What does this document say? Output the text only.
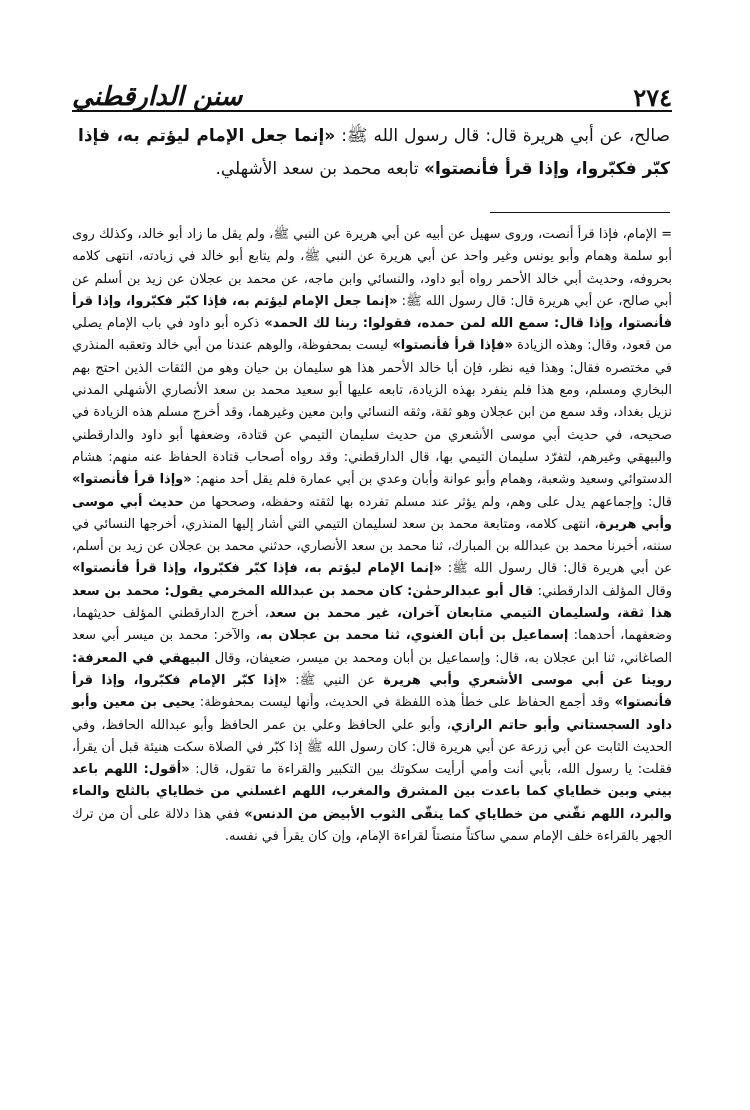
سنن الدارقطني	٢٧٤
صالح، عن أبي هريرة قال: قال رسول الله ﷺ: «إنما جعل الإمام ليؤتم به، فإذا كبّر فكبّروا، وإذا قرأ فأنصتوا» تابعه محمد بن سعد الأشهلي.
= الإمام، فإذا قرأ أنصت، وروى سهيل عن أبيه عن أبي هريرة عن النبي ﷺ، ولم يقل ما زاد أبو خالد، وكذلك روى أبو سلمة وهمام وأبو يونس وغير واحد عن أبي هريرة عن النبي ﷺ، ولم يتابع أبو خالد في زيادته، انتهى كلامه بحروفه، وحديث أبي خالد الأحمر رواه أبو داود، والنسائي وابن ماجه، عن محمد بن عجلان عن زيد بن أسلم عن أبي صالح، عن أبي هريرة قال: قال رسول الله ﷺ: «إنما جعل الإمام ليؤتم به، فإذا كبّر فكبّروا، وإذا قرأ فأنصتوا، وإذا قال: سمع الله لمن حمده، فقولوا: ربنا لك الحمد» ذكره أبو داود في باب الإمام يصلي من قعود، وقال: وهذه الزيادة «فإذا قرأ فأنصتوا» ليست بمحفوظة، والوهم عندنا من أبي خالد وتعقبه المنذري في مختصره فقال: وهذا فيه نظر، فإن أبا خالد الأحمر هذا هو سليمان بن حيان وهو من الثقات الذين احتج بهم البخاري ومسلم، ومع هذا فلم ينفرد بهذه الزيادة، تابعه عليها أبو سعيد محمد بن سعد الأنصاري الأشهلي المدني نزيل بغداد، وقد سمع من ابن عجلان وهو ثقة، وثقه النسائي وابن معين وغيرهما، وقد أخرج مسلم هذه الزيادة في صحيحه، في حديث أبي موسى الأشعري من حديث سليمان التيمي عن قتادة، وضعفها أبو داود والدارقطني والبيهقي وغيرهم، لتفرّد سليمان التيمي بها، قال الدارقطني: وقد رواه أصحاب قتادة الحفاظ عنه منهم: هشام الدستوائي وسعيد وشعبة، وهمام وأبو عوانة وأبان وعدي بن أبي عمارة فلم يقل أحد منهم: «وإذا قرأ فأنصتوا» قال: وإجماعهم يدل على وهم، ولم يؤثر عند مسلم تفرده بها لثقته وحفظه، وصححها من حديث أبي موسى وأبي هريرة، انتهى كلامه، ومتابعة محمد بن سعد لسليمان التيمي التي أشار إليها المنذري، أخرجها النسائي في سننه، أخبرنا محمد بن عبدالله بن المبارك، ثنا محمد بن سعد الأنصاري، حدثني محمد بن عجلان عن زيد بن أسلم، عن أبي هريرة قال: قال رسول الله ﷺ: «إنما الإمام ليؤتم به، فإذا كبّر فكبّروا، وإذا قرأ فأنصتوا» وقال المؤلف الدارقطني: قال أبو عبدالرحمٰن: كان محمد بن عبدالله المخرمي يقول: محمد بن سعد هذا ثقة، ولسليمان التيمي متابعان آخران، غير محمد بن سعد، أخرج الدارقطني المؤلف حديثهما، وضعفهما، أحدهما: إسماعيل بن أبان الغنوي، ثنا محمد بن عجلان به، والآخر: محمد بن ميسر أبي سعد الصاغاني، ثنا ابن عجلان به، قال: وإسماعيل بن أبان ومحمد بن ميسر، ضعيفان، وقال البيهقي في المعرفة: روينا عن أبي موسى الأشعري وأبي هريرة عن النبي ﷺ: «إذا كبّر الإمام فكبّروا، وإذا قرأ فأنصتوا» وقد أجمع الحفاظ على خطأ هذه اللفظة في الحديث، وأنها ليست بمحفوظة: يحيى بن معين وأبو داود السجستاني وأبو حاتم الرازي، وأبو علي الحافظ وعلي بن عمر الحافظ وأبو عبدالله الحافظ، وفي الحديث الثابت عن أبي زرعة عن أبي هريرة قال: كان رسول الله ﷺ إذا كبّر في الصلاة سكت هنيئة قبل أن يقرأ، فقلت: يا رسول الله، بأبي أنت وأمي أرأيت سكوتك بين التكبير والقراءة ما تقول، قال: «أقول: اللهم باعد بيني وبين خطاياي كما باعدت بين المشرق والمغرب، اللهم اغسلني من خطاياي بالثلج والماء والبرد، اللهم نقّني من خطاياي كما ينقّى الثوب الأبيض من الدنس» ففي هذا دلالة على أن من ترك الجهر بالقراءة خلف الإمام سمي ساكتاً منصتاً لقراءة الإمام، وإن كان يقرأ في نفسه.
